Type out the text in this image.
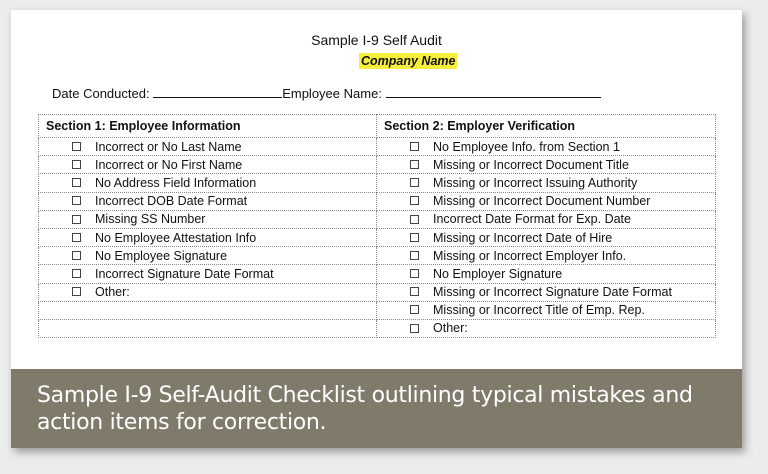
Sample I-9 Self Audit
Company Name
Date Conducted:	Employee Name:
Section 1: Employee Information	Section 2: Employer Verification
Incorrect or No Last Name	No Employee Info. from Section 1
Incorrect or No First Name	Missing or Incorrect Document Title
No Address Field Information	Missing or Incorrect Issuing Authority
Incorrect DOB Date Format	Missing or Incorrect Document Number
Missing SS Number	Incorrect Date Format for Exp. Date
No Employee Attestation Info	Missing or Incorrect Date of Hire
No Employee Signature	Missing or Incorrect Employer Info.
Incorrect Signature Date Format	No Employer Signature
Other:	Missing or Incorrect Signature Date Format
	Missing or Incorrect Title of Emp. Rep.
	Other:
Sample I-9 Self-Audit Checklist outlining typical mistakes and action items for correction.
